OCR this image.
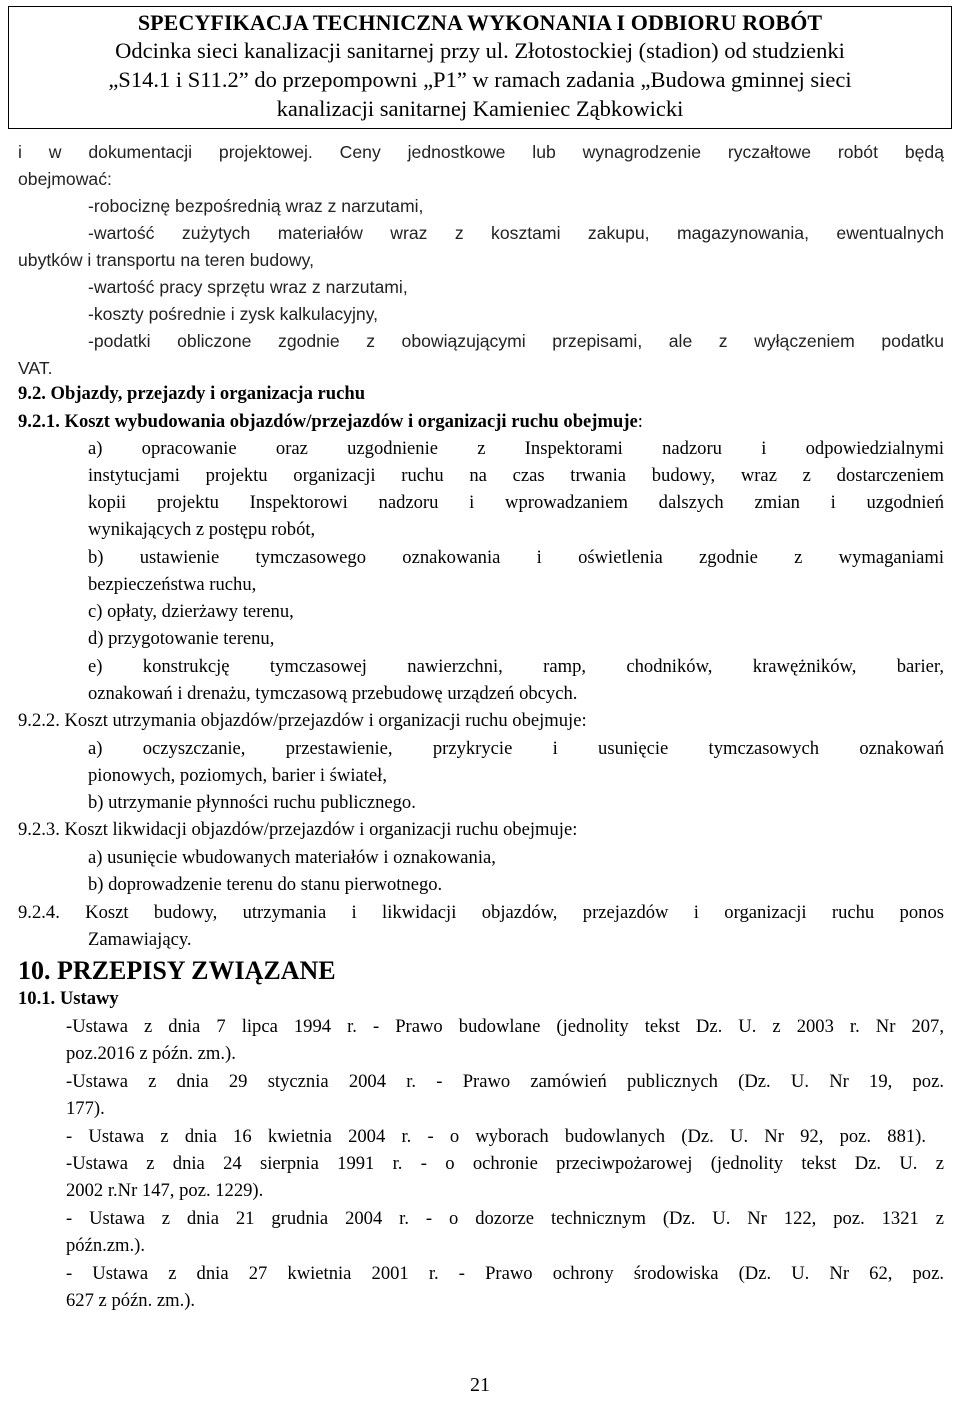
SPECYFIKACJA TECHNICZNA WYKONANIA I ODBIORU ROBÓT
Odcinka sieci kanalizacji sanitarnej przy ul. Złotostockiej (stadion) od studzienki
„S14.1 i S11.2” do przepompowni „P1” w ramach zadania „Budowa gminnej sieci
kanalizacji sanitarnej Kamieniec Ząbkowicki
i w dokumentacji projektowej. Ceny jednostkowe lub wynagrodzenie ryczałtowe robót będą
obejmować:
-robociznę bezpośrednią wraz z narzutami,
-wartość zużytych materiałów wraz z kosztami zakupu, magazynowania, ewentualnych
ubytków i transportu na teren budowy,
-wartość pracy sprzętu wraz z narzutami,
-koszty pośrednie i zysk kalkulacyjny,
-podatki obliczone zgodnie z obowiązującymi przepisami, ale z wyłączeniem podatku
VAT.
9.2. Objazdy, przejazdy i organizacja ruchu
9.2.1. Koszt wybudowania objazdów/przejazdów i organizacji ruchu obejmuje:
a) opracowanie oraz uzgodnienie z Inspektorami nadzoru i odpowiedzialnymi
instytucjami projektu organizacji ruchu na czas trwania budowy, wraz z dostarczeniem
kopii projektu Inspektorowi nadzoru i wprowadzaniem dalszych zmian i uzgodnień
wynikających z postępu robót,
b) ustawienie tymczasowego oznakowania i oświetlenia zgodnie z wymaganiami
bezpieczeństwa ruchu,
c) opłaty, dzierżawy terenu,
d) przygotowanie terenu,
e) konstrukcję tymczasowej nawierzchni, ramp, chodników, krawężników, barier,
oznakowań i drenażu, tymczasową przebudowę urządzeń obcych.
9.2.2. Koszt utrzymania objazdów/przejazdów i organizacji ruchu obejmuje:
a) oczyszczanie, przestawienie, przykrycie i usunięcie tymczasowych oznakowań
pionowych, poziomych, barier i świateł,
b) utrzymanie płynności ruchu publicznego.
9.2.3. Koszt likwidacji objazdów/przejazdów i organizacji ruchu obejmuje:
a) usunięcie wbudowanych materiałów i oznakowania,
b) doprowadzenie terenu do stanu pierwotnego.
9.2.4. Koszt budowy, utrzymania i likwidacji objazdów, przejazdów i organizacji ruchu ponos
Zamawiający.
10. PRZEPISY ZWIĄZANE
10.1. Ustawy
-Ustawa z dnia 7 lipca 1994 r. - Prawo budowlane (jednolity tekst Dz. U. z 2003 r. Nr 207,
poz.2016 z późn. zm.).
-Ustawa z dnia 29 stycznia 2004 r. - Prawo zamówień publicznych (Dz. U. Nr 19, poz.
177).
- Ustawa z dnia 16 kwietnia 2004 r. - o wyborach budowlanych (Dz. U. Nr 92, poz. 881).
-Ustawa z dnia 24 sierpnia 1991 r. - o ochronie przeciwpożarowej (jednolity tekst Dz. U. z
2002 r.Nr 147, poz. 1229).
- Ustawa z dnia 21 grudnia 2004 r. - o dozorze technicznym (Dz. U. Nr 122, poz. 1321 z
późn.zm.).
- Ustawa z dnia 27 kwietnia 2001 r. - Prawo ochrony środowiska (Dz. U. Nr 62, poz.
627 z późn. zm.).
21
